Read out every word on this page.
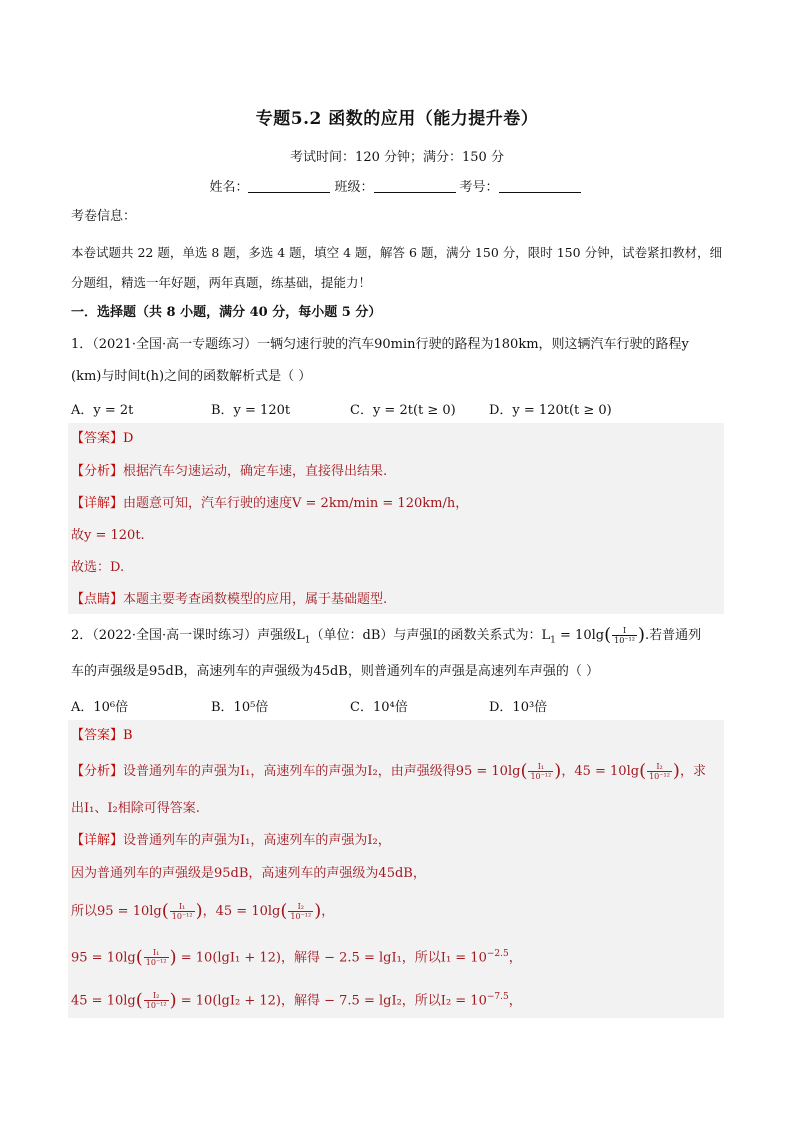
专题5.2 函数的应用（能力提升卷）
考试时间：120 分钟；满分：150 分
姓名：	班级：	考号：
考卷信息：
本卷试题共 22 题，单选 8 题，多选 4 题，填空 4 题，解答 6 题，满分 150 分，限时 150 分钟，试卷紧扣教材，细分题组，精选一年好题，两年真题，练基础，提能力！
一．选择题（共 8 小题，满分 40 分，每小题 5 分）
1．（2021·全国·高一专题练习）一辆匀速行驶的汽车90min行驶的路程为180km，则这辆汽车行驶的路程y
(km)与时间t(h)之间的函数解析式是（ ）
A．y = 2t	B．y = 120t	C．y = 2t(t ≥ 0)	D．y = 120t(t ≥ 0)
【答案】D
【分析】根据汽车匀速运动，确定车速，直接得出结果.
【详解】由题意可知，汽车行驶的速度V = 2km/min = 120km/h，
故y = 120t.
故选：D.
【点睛】本题主要考查函数模型的应用，属于基础题型.
2．（2022·全国·高一课时练习）声强级$L_1$（单位：dB）与声强I的函数关系式为：$L_1 = 10\lg( \frac{I}{\text{10⁻¹²}}$ ).若普通列
车的声强级是95dB，高速列车的声强级为45dB，则普通列车的声强是高速列车声强的（ ）
A．10⁶倍	B．10⁵倍	C．10⁴倍	D．10³倍
【答案】B
【分析】设普通列车的声强为I₁，高速列车的声强为I₂，由声强级得$95 = 10\lg( \frac{\text{I₁}}{\text{10⁻¹²}}$ )，$45 = 10\lg( \frac{\text{I₂}}{\text{10⁻¹²}}$ )，求
出I₁、I₂相除可得答案.
【详解】设普通列车的声强为I₁，高速列车的声强为I₂，
因为普通列车的声强级是95dB，高速列车的声强级为45dB，
所以$95 = 10\lg( \frac{\text{I₁}}{\text{10⁻¹²}}$ )，$45 = 10\lg( \frac{\text{I₂}}{\text{10⁻¹²}}$ )，
$95 = 10\lg( \frac{\text{I₁}}{\text{10⁻¹²}}$ ) = 10(lgI₁ + 12)，解得 − 2.5 = lgI₁，所以$I_1 = 10^{-2.5}$，
$45 = 10\lg( \frac{\text{I₂}}{\text{10⁻¹²}}$ ) = 10(lgI₂ + 12)，解得 − 7.5 = lgI₂，所以$I_2 = 10^{-7.5}$，
